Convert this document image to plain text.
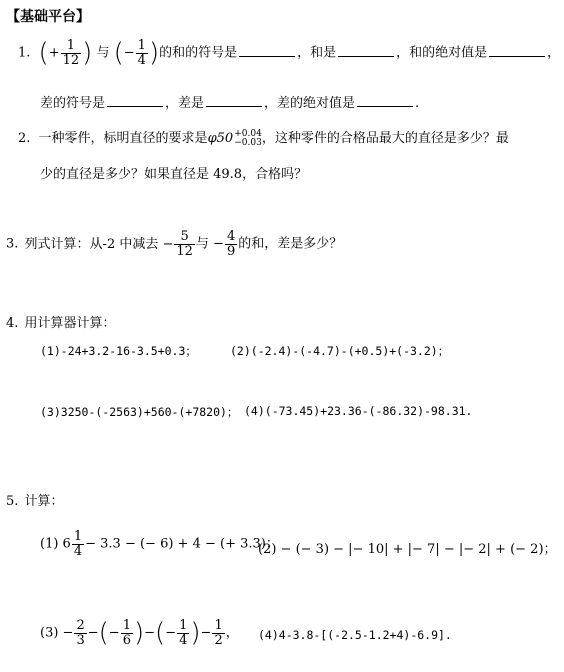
【基础平台】
1. (+ $\frac{1}{12}$ ) 与 (− $\frac{1}{4}$ )的和的符号是	，和是	，和的绝对值是	，
差的符号是	，差是	，差的绝对值是	.
2. 一种零件，标明直径的要求是φ50 +0.04
−0.03 ，这种零件的合格品最大的直径是多少？最
少的直径是多少？如果直径是 49.8，合格吗？
3. 列式计算：从-2 中减去 − $\frac{5}{12}$ 与 − $\frac{4}{9}$ 的和，差是多少？
4. 用计算器计算：
(1)-24+3.2-16-3.5+0.3；	(2)(-2.4)-(-4.7)-(+0.5)+(-3.2)；
(3)3250-(-2563)+560-(+7820)； (4)(-73.45)+23.36-(-86.32)-98.31.
5. 计算：
(1) $6 \frac{1}{4} - 3.3$ − (− 6) + 4 − (+ 3.3)；
(2) − (− 3) − |− 10| + |− 7| − |− 2| + (− 2)；
$(3) - \frac{2}{3}$ −(− $\frac{1}{6}$ )−(− $\frac{1}{4}$ )− $\frac{1}{2}$ ， (4)4-3.8-[(-2.5-1.2+4)-6.9].
